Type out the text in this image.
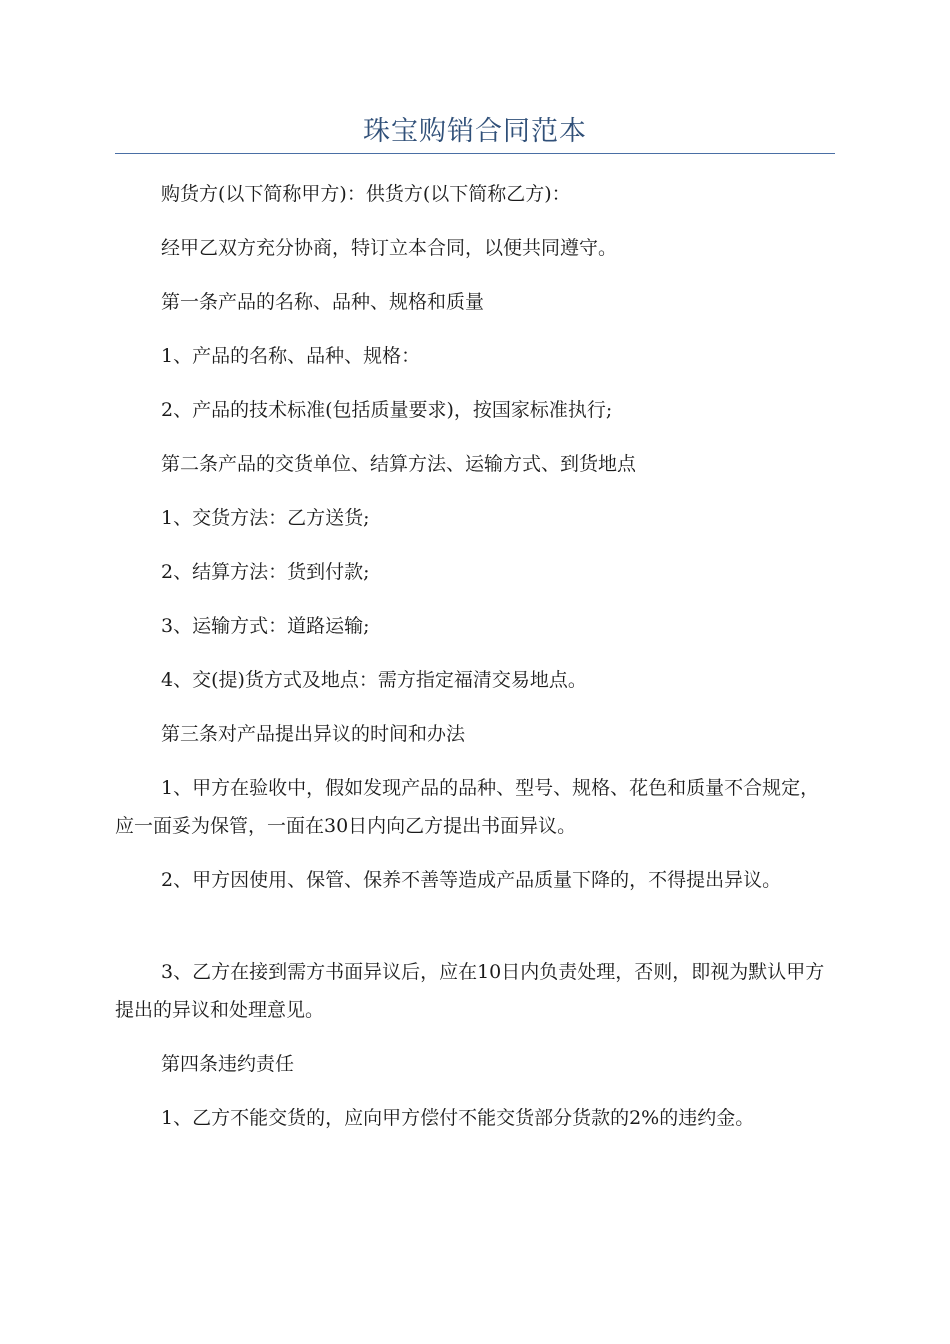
珠宝购销合同范本

购货方(以下简称甲方)：供货方(以下简称乙方)：

经甲乙双方充分协商，特订立本合同，以便共同遵守。

第一条产品的名称、品种、规格和质量

1、产品的名称、品种、规格：

2、产品的技术标准(包括质量要求)，按国家标准执行;

第二条产品的交货单位、结算方法、运输方式、到货地点

1、交货方法：乙方送货;

2、结算方法：货到付款;

3、运输方式：道路运输;

4、交(提)货方式及地点：需方指定福清交易地点。

第三条对产品提出异议的时间和办法

1、甲方在验收中，假如发现产品的品种、型号、规格、花色和质量不合规定，应一面妥为保管，一面在30日内向乙方提出书面异议。

2、甲方因使用、保管、保养不善等造成产品质量下降的，不得提出异议。

3、乙方在接到需方书面异议后，应在10日内负责处理，否则，即视为默认甲方提出的异议和处理意见。

第四条违约责任

1、乙方不能交货的，应向甲方偿付不能交货部分货款的2%的违约金。
